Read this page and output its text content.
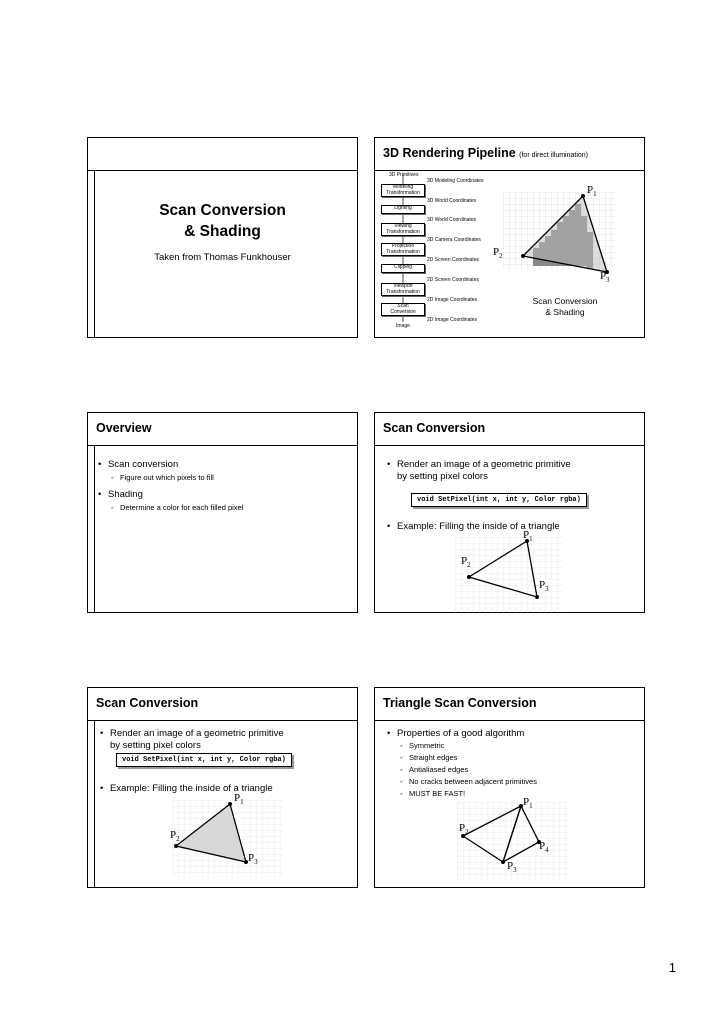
Scan Conversion
& Shading
Taken from Thomas Funkhouser
3D Rendering Pipeline (for direct illumination)
3D Primitives
3D Modeling Coordinates
Modeling
Transformation
3D World Coordinates
Lighting
3D World Coordinates
Viewing
Transformation
3D Camera Coordinates
Projection
Transformation
2D Screen Coordinates
Clipping
2D Screen Coordinates
Viewport
Transformation
2D Image Coordinates
Scan
Conversion
2D Image Coordinates
Image
$P_1$
$P_2$
$P_3$
Scan Conversion
& Shading
Overview
• Scan conversion
◦ Figure out which pixels to fill
• Shading
◦ Determine a color for each filled pixel
Scan Conversion
• Render an image of a geometric primitive
by setting pixel colors
void SetPixel(int x, int y, Color rgba)
• Example: Filling the inside of a triangle
$P_1$
$P_2$
$P_3$
Scan Conversion
• Render an image of a geometric primitive
by setting pixel colors
void SetPixel(int x, int y, Color rgba)
• Example: Filling the inside of a triangle
$P_1$
$P_2$
$P_3$
Triangle Scan Conversion
• Properties of a good algorithm
◦ Symmetric
◦ Straight edges
◦ Antialiased edges
◦ No cracks between adjacent primitives
◦ MUST BE FAST!
$P_1$
$P_2$
$P_3$
$P_4$
1
